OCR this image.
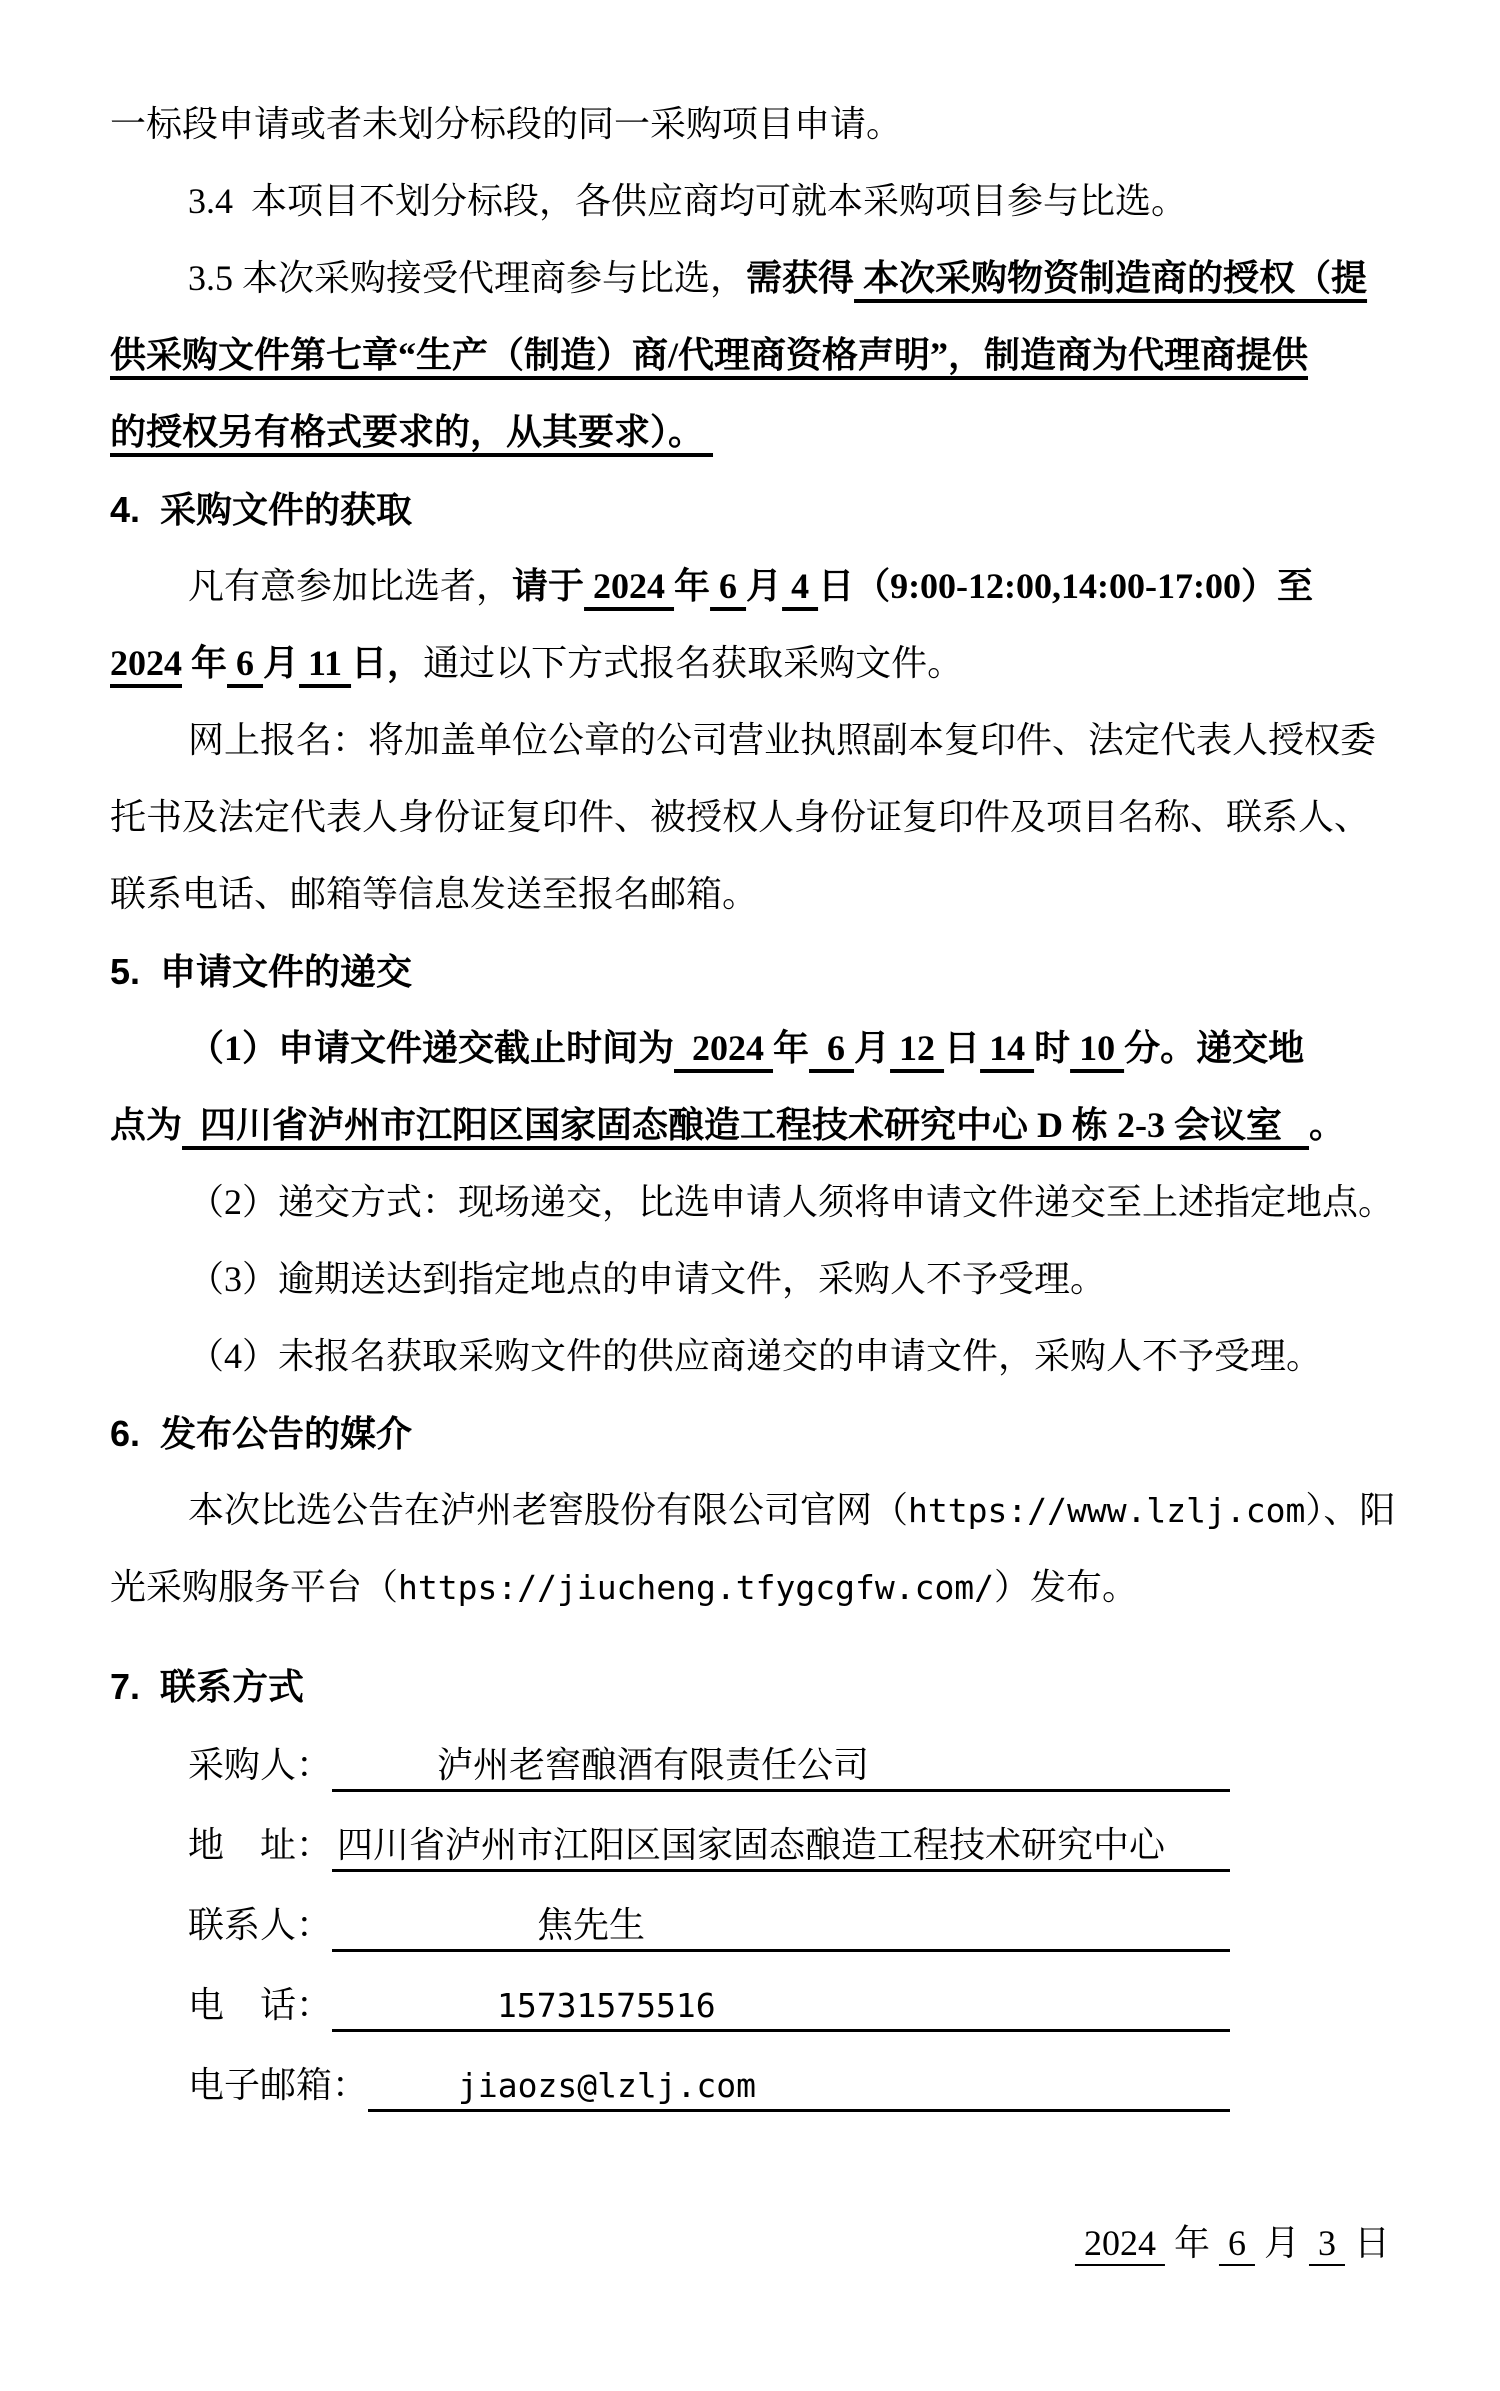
一标段申请或者未划分标段的同一采购项目申请。
3.4  本项目不划分标段，各供应商均可就本采购项目参与比选。
3.5 本次采购接受代理商参与比选，需获得 本次采购物资制造商的授权（提
供采购文件第七章“生产（制造）商/代理商资格声明”，制造商为代理商提供
的授权另有格式要求的，从其要求）。
4.  采购文件的获取
凡有意参加比选者，请于 2024 年 6 月 4 日（9:00-12:00,14:00-17:00）至
2024 年 6 月 11 日，通过以下方式报名获取采购文件。
网上报名：将加盖单位公章的公司营业执照副本复印件、法定代表人授权委
托书及法定代表人身份证复印件、被授权人身份证复印件及项目名称、联系人、
联系电话、邮箱等信息发送至报名邮箱。
5.  申请文件的递交
（1）申请文件递交截止时间为  2024 年  6 月 12 日 14 时 10 分。递交地
点为  四川省泸州市江阳区国家固态酿造工程技术研究中心 D 栋 2-3 会议室   。
（2）递交方式：现场递交，比选申请人须将申请文件递交至上述指定地点。
（3）逾期送达到指定地点的申请文件，采购人不予受理。
（4）未报名获取采购文件的供应商递交的申请文件，采购人不予受理。
6.  发布公告的媒介
本次比选公告在泸州老窖股份有限公司官网（https://www.lzlj.com）、阳
光采购服务平台（https://jiucheng.tfygcgfw.com/）发布。
7.  联系方式
采购人：	泸州老窖酿酒有限责任公司
地　址： 四川省泸州市江阳区国家固态酿造工程技术研究中心
联系人：	焦先生
电　话：	15731575516
电子邮箱：	jiaozs@lzlj.com
2024  年  6  月  3  日
